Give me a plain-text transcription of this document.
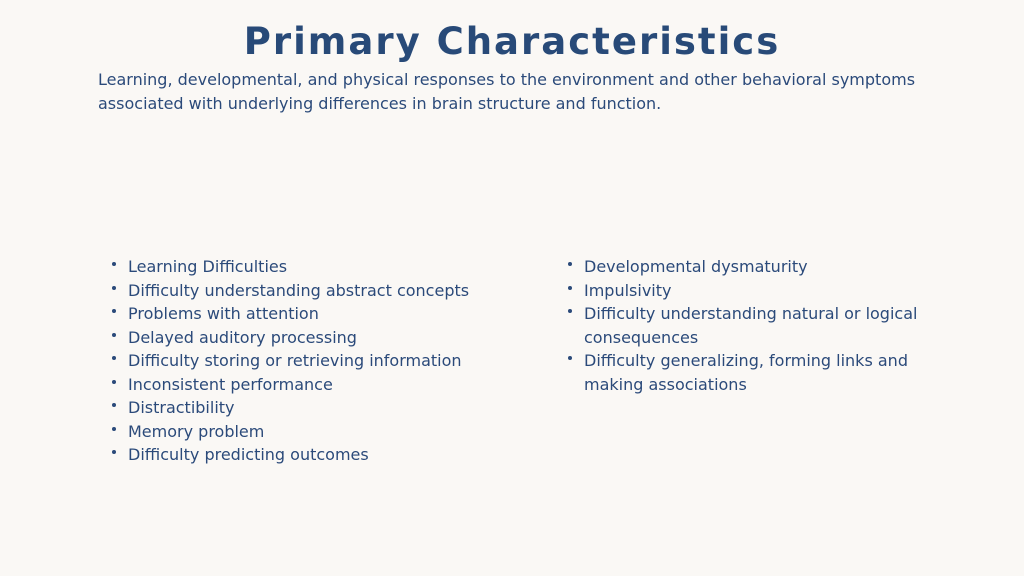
Primary Characteristics

Learning, developmental, and physical responses to the environment and other behavioral symptoms associated with underlying differences in brain structure and function.

Learning Difficulties
Difficulty understanding abstract concepts
Problems with attention
Delayed auditory processing
Difficulty storing or retrieving information
Inconsistent performance
Distractibility
Memory problem
Difficulty predicting outcomes
Developmental dysmaturity
Impulsivity
Difficulty understanding natural or logical consequences
Difficulty generalizing, forming links and making associations
